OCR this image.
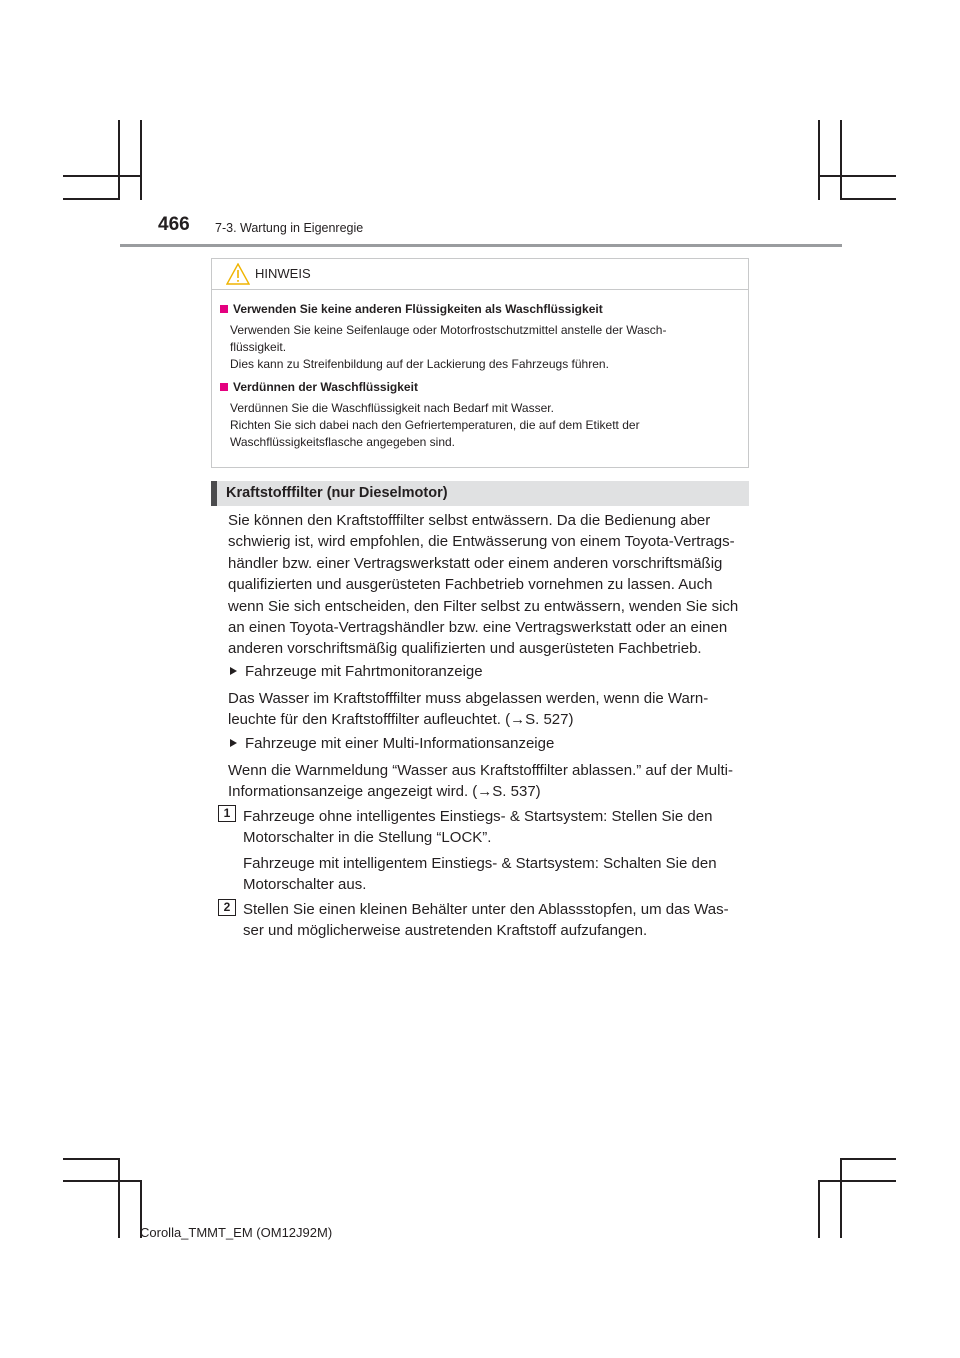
466 7-3. Wartung in Eigenregie
HINWEIS
Verwenden Sie keine anderen Flüssigkeiten als Waschflüssigkeit
Verwenden Sie keine Seifenlauge oder Motorfrostschutzmittel anstelle der Wasch-
flüssigkeit.
Dies kann zu Streifenbildung auf der Lackierung des Fahrzeugs führen.
Verdünnen der Waschflüssigkeit
Verdünnen Sie die Waschflüssigkeit nach Bedarf mit Wasser.
Richten Sie sich dabei nach den Gefriertemperaturen, die auf dem Etikett der
Waschflüssigkeitsflasche angegeben sind.
Kraftstofffilter (nur Dieselmotor)
Sie können den Kraftstofffilter selbst entwässern. Da die Bedienung aber
schwierig ist, wird empfohlen, die Entwässerung von einem Toyota-Vertrags-
händler bzw. einer Vertragswerkstatt oder einem anderen vorschriftsmäßig
qualifizierten und ausgerüsteten Fachbetrieb vornehmen zu lassen. Auch
wenn Sie sich entscheiden, den Filter selbst zu entwässern, wenden Sie sich
an einen Toyota-Vertragshändler bzw. eine Vertragswerkstatt oder an einen
anderen vorschriftsmäßig qualifizierten und ausgerüsteten Fachbetrieb.
Fahrzeuge mit Fahrtmonitoranzeige
Das Wasser im Kraftstofffilter muss abgelassen werden, wenn die Warn-
leuchte für den Kraftstofffilter aufleuchtet. (→S. 527)
Fahrzeuge mit einer Multi-Informationsanzeige
Wenn die Warnmeldung “Wasser aus Kraftstofffilter ablassen.” auf der Multi-
Informationsanzeige angezeigt wird. (→S. 537)
1 Fahrzeuge ohne intelligentes Einstiegs- & Startsystem: Stellen Sie den
Motorschalter in die Stellung “LOCK”.
Fahrzeuge mit intelligentem Einstiegs- & Startsystem: Schalten Sie den
Motorschalter aus.
2 Stellen Sie einen kleinen Behälter unter den Ablassstopfen, um das Was-
ser und möglicherweise austretenden Kraftstoff aufzufangen.
Corolla_TMMT_EM (OM12J92M)
